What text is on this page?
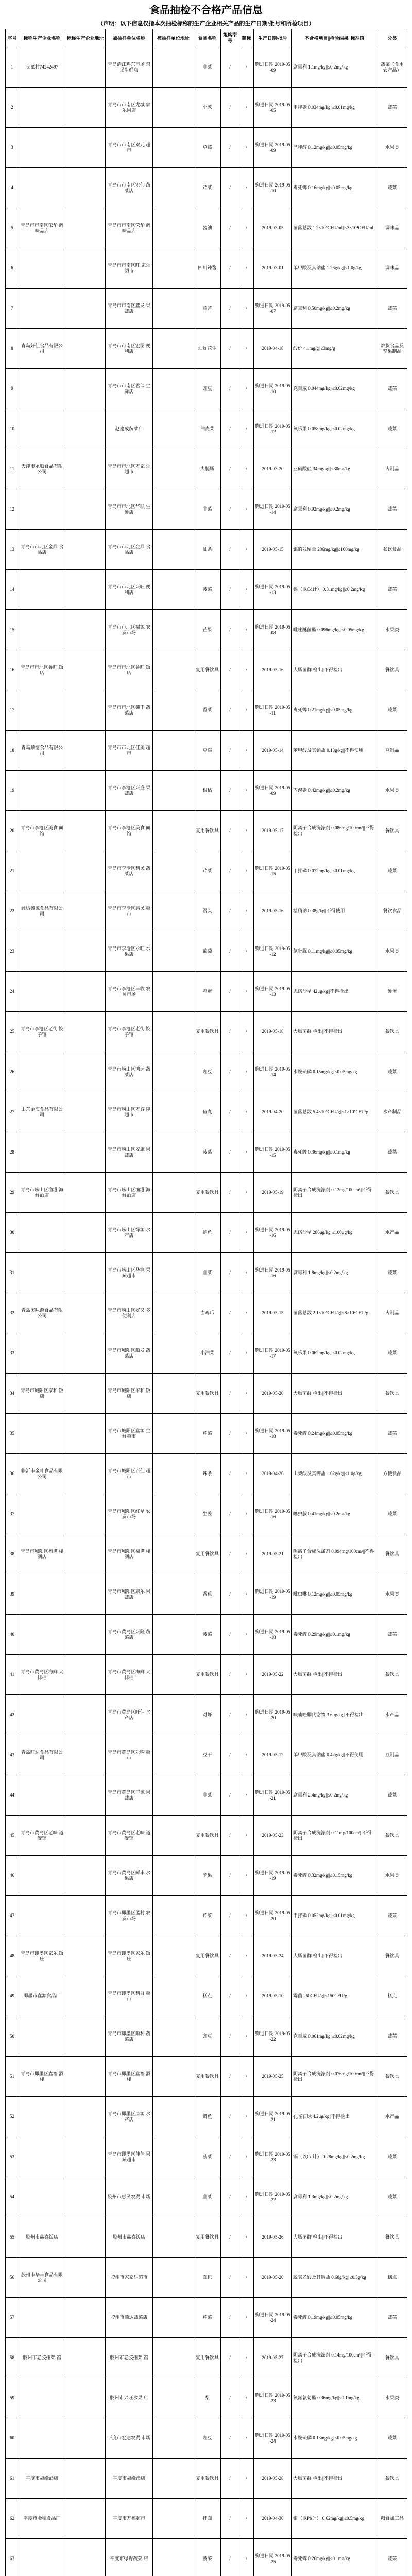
食品抽检不合格产品信息
（声明：以下信息仅指本次抽检标称的生产企业相关产品的生产日期/批号和所检项目）
序号	标称生产企业名称	标称生产企业地址	被抽样单位名称	被抽样单位地址	食品名称	规格型号	商标	生产日期/批号	不合格项目||检验结果||标准值	分类
1	良菜村74242497		青岛清江鸡东市场 鸡场生鲜店		韭菜	/	/	购进日期 2019-05-09	腐霉利 1.1mg/kg||≤0.2mg/kg	蔬菜（食用农产品）
2			青岛市市南区龙城 家乐园店		小葱	/	/	购进日期 2019-05-05	甲拌磷 0.034mg/kg||≤0.01mg/kg	蔬菜
3			青岛市市南区双元 超市		草莓	/	/	购进日期 2019-05-09	己唑醇 0.12mg/kg||≤0.05mg/kg	水果类
4			青岛市市南区宏伟 蔬菜店		芹菜	/	/	购进日期 2019-05-10	毒死蜱 0.16mg/kg||≤0.05mg/kg	蔬菜
5	青岛市市南区荣华 调味品店		青岛市市南区荣华 调味品店		酱油	/	/	2019-03-05	菌落总数 1.2×10⁵CFU/ml||≤3×10⁴CFU/ml	调味品
6			青岛市市南区旺 家乐超市		四川辣酱	/	/	2019-03-01	苯甲酸及其钠盐 1.26g/kg||≤1.0g/kg	调味品
7			青岛市市南区鑫发 果蔬店		蒜苔	/	/	购进日期 2019-05-07	腐霉利 0.50mg/kg||≤0.2mg/kg	蔬菜
8	青岛好佳食品有限公司		青岛市市南区宏图 便利店		油炸花生	/	/	2019-04-18	酸价 4.1mg/g||≤3mg/g	炒货食品及坚果制品
9			青岛市市南区君瑞 生鲜店		豇豆	/	/	购进日期 2019-05-10	克百威 0.044mg/kg||≤0.02mg/kg	蔬菜
10			赵建成蔬菜店		油麦菜	/	/	购进日期 2019-05-12	氧乐果 0.058mg/kg||≤0.02mg/kg	蔬菜
11	天津市永顺食品有限公司		青岛市市北区万家 乐超市		火腿肠	/	/	2019-03-20	亚硝酸盐 34mg/kg||≤30mg/kg	肉制品
12			青岛市市北区华联 生鲜店		韭菜	/	/	购进日期 2019-05-14	腐霉利 0.92mg/kg||≤0.2mg/kg	蔬菜
13	青岛市市北区金鼎 食品店		青岛市市北区金鼎 食品店		油条	/	/	2019-05-15	铝的残留量 286mg/kg||≤100mg/kg	餐饮食品
14			青岛市市北区兴旺 便利店		菠菜	/	/	购进日期 2019-05-13	镉（以Cd计） 0.31mg/kg||≤0.2mg/kg	蔬菜
15			青岛市市北区福源 农贸市场		芒果	/	/	购进日期 2019-05-08	吡唑醚菌酯 0.096mg/kg||≤0.05mg/kg	水果类
16	青岛市市北区鲁旺 饭店		青岛市市北区鲁旺 饭店		复用餐饮具	/	/	2019-05-16	大肠菌群 检出||不得检出	餐饮具
17			青岛市市北区鑫丰 蔬菜店		香菜	/	/	购进日期 2019-05-11	毒死蜱 0.21mg/kg||≤0.05mg/kg	蔬菜
18	青岛顺德食品有限公司		青岛市市北区佳美 超市		豆腐	/	/	2019-05-14	苯甲酸及其钠盐 0.18g/kg||不得使用	豆制品
19			青岛市李沧区兴盛 果蔬店		柑橘	/	/	购进日期 2019-05-09	丙溴磷 0.42mg/kg||≤0.2mg/kg	水果类
20	青岛市李沧区美食 面馆		青岛市李沧区美食 面馆		复用餐饮具	/	/	2019-05-17	阴离子合成洗涤剂 0.086mg/100cm²||不得检出	餐饮具
21			青岛市李沧区利民 蔬菜店		芹菜	/	/	购进日期 2019-05-15	甲拌磷 0.072mg/kg||≤0.01mg/kg	蔬菜
22	潍坊鑫源食品有限公司		青岛市李沧区惠民 超市		馒头	/	/	2019-05-16	糖精钠 0.38g/kg||不得使用	餐饮食品
23			青岛市李沧区永旺 水果店		葡萄	/	/	购进日期 2019-05-12	氯吡脲 0.11mg/kg||≤0.05mg/kg	水果类
24			青岛市李沧区丰收 农贸市场		鸡蛋	/	/	购进日期 2019-05-13	恩诺沙星 42μg/kg||不得检出	鲜蛋
25	青岛市李沧区老街 饺子馆		青岛市李沧区老街 饺子馆		复用餐饮具	/	/	2019-05-18	大肠菌群 检出||不得检出	餐饮具
26			青岛市崂山区鸿运 蔬菜店		豇豆	/	/	购进日期 2019-05-14	水胺硫磷 0.15mg/kg||≤0.05mg/kg	蔬菜
27	山东金海食品有限公司		青岛市崂山区万客 隆超市		鱼丸	/	/	2019-04-20	菌落总数 5.4×10⁵CFU/g||≤1×10⁵CFU/g	水产制品
28			青岛市崂山区安康 果蔬店		菠菜	/	/	购进日期 2019-05-15	毒死蜱 0.36mg/kg||≤0.1mg/kg	蔬菜
29	青岛市崂山区渔港 海鲜酒店		青岛市崂山区渔港 海鲜酒店		复用餐饮具	/	/	2019-05-19	阴离子合成洗涤剂 0.12mg/100cm²||不得检出	餐饮具
30			青岛市崂山区绿源 水产店		鲈鱼	/	/	购进日期 2019-05-16	恩诺沙星 286μg/kg||≤100μg/kg	水产品
31			青岛市崂山区华润 果蔬超市		韭菜	/	/	购进日期 2019-05-16	腐霉利 1.8mg/kg||≤0.2mg/kg	蔬菜
32	青岛美味源食品有限公司		青岛市崂山区好又 多便利店		卤鸡爪	/	/	2019-05-15	菌落总数 2.1×10⁵CFU/g||≤8×10⁴CFU/g	肉制品
33			青岛市城阳区顺发 蔬菜店		小油菜	/	/	购进日期 2019-05-17	氧乐果 0.062mg/kg||≤0.02mg/kg	蔬菜
34	青岛市城阳区家和 饭店		青岛市城阳区家和 饭店		复用餐饮具	/	/	2019-05-20	大肠菌群 检出||不得检出	餐饮具
35			青岛市城阳区鑫源 生鲜超市		芹菜	/	/	购进日期 2019-05-18	毒死蜱 0.24mg/kg||≤0.05mg/kg	蔬菜
36	临沂市金叶食品有限公司		青岛市城阳区百佳 超市		辣条	/	/	2019-04-26	山梨酸及其钾盐 1.62g/kg||≤1.0g/kg	方便食品
37			青岛市城阳区红星 农贸市场		生姜	/	/	购进日期 2019-05-16	噻虫胺 0.41mg/kg||≤0.2mg/kg	蔬菜
38	青岛市城阳区福满 楼酒店		青岛市城阳区福满 楼酒店		复用餐饮具	/	/	2019-05-21	阴离子合成洗涤剂 0.094mg/100cm²||不得检出	餐饮具
39			青岛市城阳区康乐 果蔬店		香蕉	/	/	购进日期 2019-05-19	吡虫啉 0.12mg/kg||≤0.05mg/kg	水果类
40			青岛市黄岛区兴隆 蔬菜店		菠菜	/	/	购进日期 2019-05-18	毒死蜱 0.29mg/kg||≤0.1mg/kg	蔬菜
41	青岛市黄岛区海鲜 大排档		青岛市黄岛区海鲜 大排档		复用餐饮具	/	/	2019-05-22	大肠菌群 检出||不得检出	餐饮具
42			青岛市黄岛区旺佳 水产店		对虾	/	/	购进日期 2019-05-20	呋喃唑酮代谢物 3.6μg/kg||不得检出	水产品
43	青岛旺达食品有限公司		青岛市黄岛区乐购 超市		豆干	/	/	2019-05-12	苯甲酸及其钠盐 0.42g/kg||不得使用	豆制品
44			青岛市黄岛区丰源 果蔬店		韭菜	/	/	购进日期 2019-05-21	腐霉利 2.4mg/kg||≤0.2mg/kg	蔬菜
45	青岛市黄岛区老味 道餐馆		青岛市黄岛区老味 道餐馆		复用餐饮具	/	/	2019-05-23	阴离子合成洗涤剂 0.11mg/100cm²||不得检出	餐饮具
46			青岛市黄岛区鲜丰 水果店		苹果	/	/	购进日期 2019-05-19	毒死蜱 0.32mg/kg||≤0.15mg/kg	水果类
47			青岛市即墨区蓝村 农贸市场		芹菜	/	/	购进日期 2019-05-20	甲拌磷 0.052mg/kg||≤0.01mg/kg	蔬菜
48	青岛市即墨区家乐 饭庄		青岛市即墨区家乐 饭庄		复用餐饮具	/	/	2019-05-24	大肠菌群 检出||不得检出	餐饮具
49	即墨市鑫源食品厂		青岛市即墨区利群 超市		糕点	/	/	2019-05-10	霉菌 260CFU/g||≤150CFU/g	糕点
50			青岛市即墨区顺利 蔬菜店		豇豆	/	/	购进日期 2019-05-22	克百威 0.061mg/kg||≤0.02mg/kg	蔬菜
51	青岛市即墨区鑫福 酒楼		青岛市即墨区鑫福 酒楼		复用餐饮具	/	/	2019-05-25	阴离子合成洗涤剂 0.076mg/100cm²||不得检出	餐饮具
52			青岛市即墨区康源 水产店		鲫鱼	/	/	购进日期 2019-05-21	孔雀石绿 4.2μg/kg||不得检出	水产品
53			青岛市即墨区佳佳 果蔬超市		菠菜	/	/	购进日期 2019-05-23	镉（以Cd计） 0.28mg/kg||≤0.2mg/kg	蔬菜
54			胶州市惠民农贸 市场		韭菜	/	/	购进日期 2019-05-22	腐霉利 1.3mg/kg||≤0.2mg/kg	蔬菜
55	胶州市鑫鑫饭店		胶州市鑫鑫饭店		复用餐饮具	/	/	2019-05-26	大肠菌群 检出||不得检出	餐饮具
56	胶州市华丰食品有限公司		胶州市家家乐超市		面包	/	/	2019-05-20	脱氢乙酸及其钠盐 0.68g/kg||≤0.5g/kg	糕点
57			胶州市顺达蔬菜店		芹菜	/	/	购进日期 2019-05-24	毒死蜱 0.19mg/kg||≤0.05mg/kg	蔬菜
58	胶州市老胶州菜 馆		胶州市老胶州菜 馆		复用餐饮具	/	/	2019-05-27	阴离子合成洗涤剂 0.14mg/100cm²||不得检出	餐饮具
59			胶州市兴旺水果 店		梨	/	/	购进日期 2019-05-23	氯氟氰菊酯 0.36mg/kg||≤0.1mg/kg	水果类
60			平度市宏达农贸 市场		豇豆	/	/	购进日期 2019-05-24	水胺硫磷 0.13mg/kg||≤0.05mg/kg	蔬菜
61	平度市福缘酒店		平度市福缘酒店		复用餐饮具	/	/	2019-05-28	大肠菌群 检出||不得检出	餐饮具
62	平度市金穗食品厂		平度市万福超市		挂面	/	/	2019-04-30	铅（以Pb计） 0.62mg/kg||≤0.5mg/kg	粮食加工品
63			平度市绿野蔬菜 店		菠菜	/	/	购进日期 2019-05-25	毒死蜱 0.26mg/kg||≤0.1mg/kg	蔬菜
